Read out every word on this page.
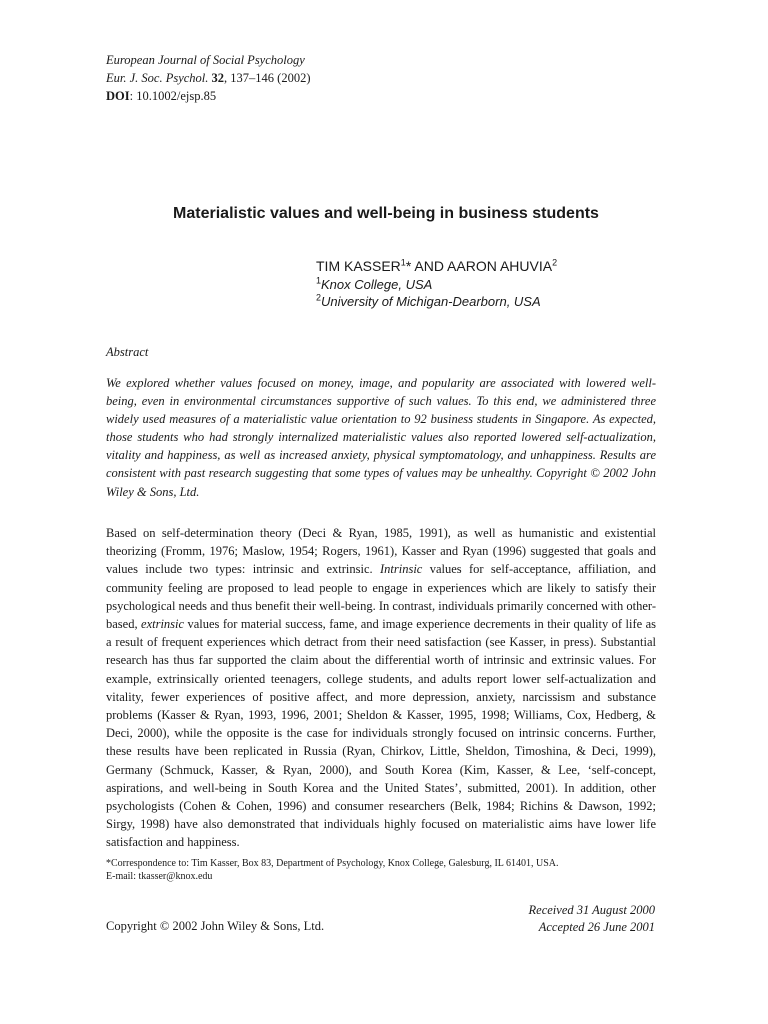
European Journal of Social Psychology
Eur. J. Soc. Psychol. 32, 137–146 (2002)
DOI: 10.1002/ejsp.85
Materialistic values and well-being in business students
TIM KASSER$^1$* AND AARON AHUVIA$^2$
$^1$Knox College, USA
$^2$University of Michigan-Dearborn, USA
Abstract

We explored whether values focused on money, image, and popularity are associated with lowered well-being, even in environmental circumstances supportive of such values. To this end, we administered three widely used measures of a materialistic value orientation to 92 business students in Singapore. As expected, those students who had strongly internalized materialistic values also reported lowered self-actualization, vitality and happiness, as well as increased anxiety, physical symptomatology, and unhappiness. Results are consistent with past research suggesting that some types of values may be unhealthy. Copyright © 2002 John Wiley & Sons, Ltd.

Based on self-determination theory (Deci & Ryan, 1985, 1991), as well as humanistic and existential theorizing (Fromm, 1976; Maslow, 1954; Rogers, 1961), Kasser and Ryan (1996) suggested that goals and values include two types: intrinsic and extrinsic. Intrinsic values for self-acceptance, affiliation, and community feeling are proposed to lead people to engage in experiences which are likely to satisfy their psychological needs and thus benefit their well-being. In contrast, individuals primarily concerned with other-based, extrinsic values for material success, fame, and image experience decrements in their quality of life as a result of frequent experiences which detract from their need satisfaction (see Kasser, in press). Substantial research has thus far supported the claim about the differential worth of intrinsic and extrinsic values. For example, extrinsically oriented teenagers, college students, and adults report lower self-actualization and vitality, fewer experiences of positive affect, and more depression, anxiety, narcissism and substance problems (Kasser & Ryan, 1993, 1996, 2001; Sheldon & Kasser, 1995, 1998; Williams, Cox, Hedberg, & Deci, 2000), while the opposite is the case for individuals strongly focused on intrinsic concerns. Further, these results have been replicated in Russia (Ryan, Chirkov, Little, Sheldon, Timoshina, & Deci, 1999), Germany (Schmuck, Kasser, & Ryan, 2000), and South Korea (Kim, Kasser, & Lee, ‘self-concept, aspirations, and well-being in South Korea and the United States’, submitted, 2001). In addition, other psychologists (Cohen & Cohen, 1996) and consumer researchers (Belk, 1984; Richins & Dawson, 1992; Sirgy, 1998) have also demonstrated that individuals highly focused on materialistic aims have lower life satisfaction and happiness.

*Correspondence to: Tim Kasser, Box 83, Department of Psychology, Knox College, Galesburg, IL 61401, USA.
E-mail: tkasser@knox.edu
Copyright © 2002 John Wiley & Sons, Ltd.
Received 31 August 2000
Accepted 26 June 2001
